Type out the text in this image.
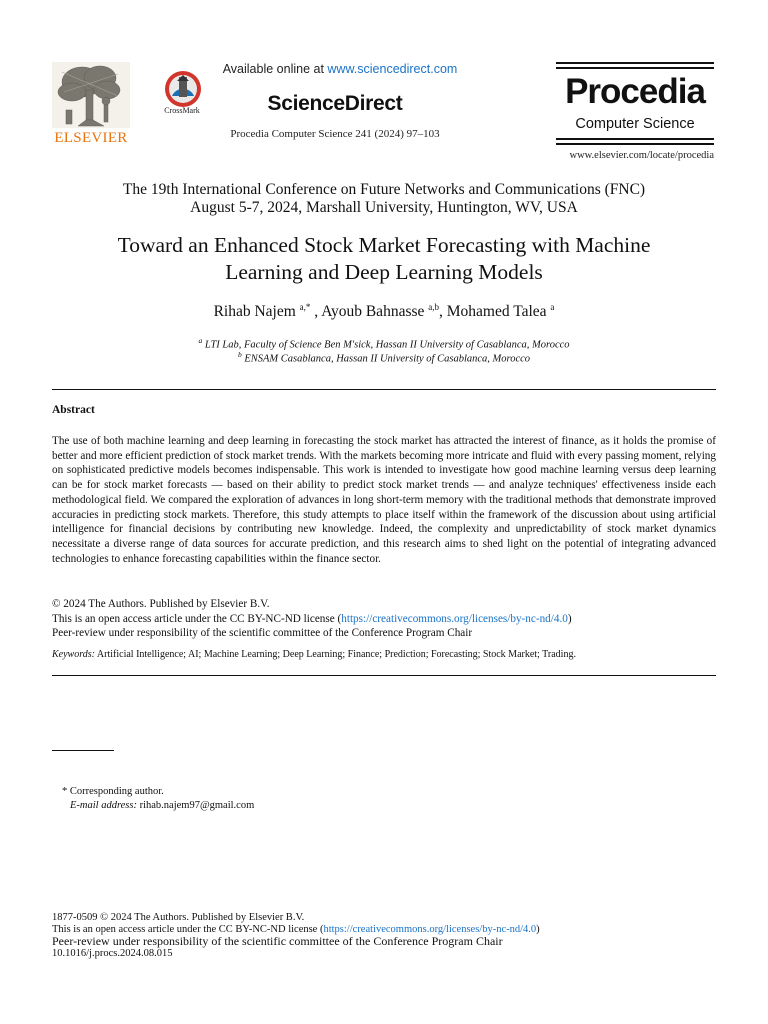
ELSEVIER
CrossMark
Available online at www.sciencedirect.com
ScienceDirect
Procedia Computer Science 241 (2024) 97–103
Procedia
Computer Science
www.elsevier.com/locate/procedia
The 19th International Conference on Future Networks and Communications (FNC)
August 5-7, 2024, Marshall University, Huntington, WV, USA
Toward an Enhanced Stock Market Forecasting with Machine
Learning and Deep Learning Models
Rihab Najem $^{a,*}$ , Ayoub Bahnasse $^{a,b}$, Mohamed Talea $^a$
$^a$ LTI Lab, Faculty of Science Ben M'sick, Hassan II University of Casablanca, Morocco
$^b$ ENSAM Casablanca, Hassan II University of Casablanca, Morocco
Abstract
The use of both machine learning and deep learning in forecasting the stock market has attracted the interest of finance, as it holds the promise of better and more efficient prediction of stock market trends. With the markets becoming more intricate and fluid with every passing moment, relying on sophisticated predictive models becomes indispensable. This work is intended to investigate how good machine learning versus deep learning can be for stock market forecasts — based on their ability to predict stock market trends — and analyze techniques' effectiveness inside each methodological field. We compared the exploration of advances in long short-term memory with the traditional methods that demonstrate improved accuracies in predicting stock markets. Therefore, this study attempts to place itself within the framework of the discussion about using artificial intelligence for financial decisions by contributing new knowledge. Indeed, the complexity and unpredictability of stock market dynamics necessitate a diverse range of data sources for accurate prediction, and this research aims to shed light on the potential of integrating advanced technologies to enhance forecasting capabilities within the finance sector.
© 2024 The Authors. Published by Elsevier B.V.
This is an open access article under the CC BY-NC-ND license (https://creativecommons.org/licenses/by-nc-nd/4.0)
Peer-review under responsibility of the scientific committee of the Conference Program Chair
Keywords: Artificial Intelligence; AI; Machine Learning; Deep Learning; Finance; Prediction; Forecasting; Stock Market; Trading.
* Corresponding author.
E-mail address: rihab.najem97@gmail.com
1877-0509 © 2024 The Authors. Published by Elsevier B.V.
This is an open access article under the CC BY-NC-ND license (https://creativecommons.org/licenses/by-nc-nd/4.0)
Peer-review under responsibility of the scientific committee of the Conference Program Chair
10.1016/j.procs.2024.08.015
